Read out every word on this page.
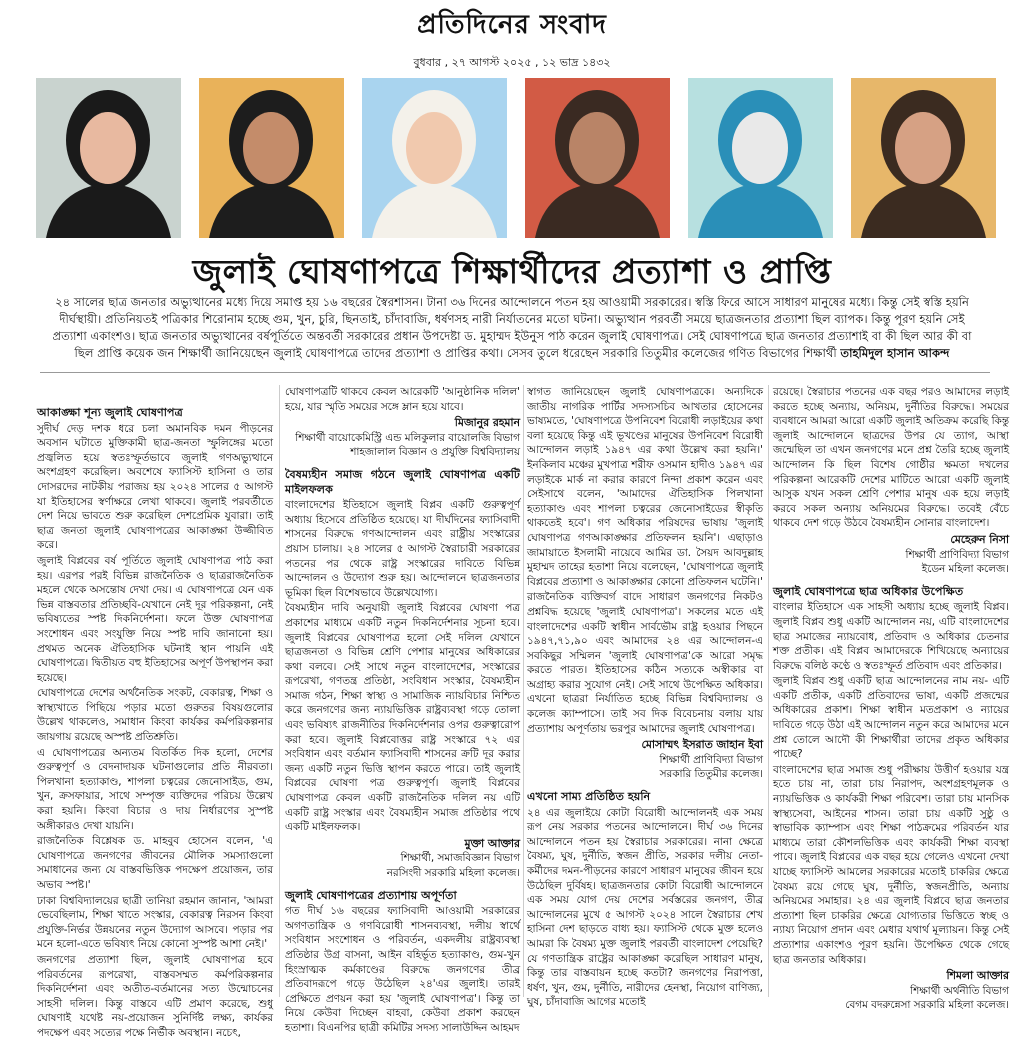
প্রতিদিনের সংবাদ
বুধবার , ২৭ আগস্ট ২০২৫ , ১২ ভাদ্র ১৪৩২
জুলাই ঘোষণাপত্রে শিক্ষার্থীদের প্রত্যাশা ও প্রাপ্তি
২৪ সালের ছাত্র জনতার অভ্যুত্থানের মধ্যে দিয়ে সমাপ্ত হয় ১৬ বছরের স্বৈরশাসন। টানা ৩৬ দিনের আন্দোলনে পতন হয় আওয়ামী সরকারের। স্বস্তি ফিরে আসে সাধারণ মানুষের মধ্যে। কিন্তু সেই স্বস্তি হয়নি দীর্ঘস্থায়ী। প্রতিনিয়তই পত্রিকার শিরোনাম হচ্ছে গুম, খুন, চুরি, ছিনতাই, চাঁদাবাজি, ধর্ষণসহ নারী নির্যাতনের মতো ঘটনা। অভ্যুত্থান পরবর্তী সময়ে ছাত্রজনতার প্রত্যাশা ছিল ব্যাপক। কিন্তু পূরণ হয়নি সেই প্রত্যাশা একাংশও। ছাত্র জনতার অভ্যুত্থানের বর্ষপূর্তিতে অন্তবর্তী সরকারের প্রধান উপদেষ্টা ড. মুহাম্মদ ইউনুস পাঠ করেন জুলাই ঘোষণাপত্র। সেই ঘোষণাপত্রে ছাত্র জনতার প্রত্যাশাই বা কী ছিল আর কী বা ছিল প্রাপ্তি কয়েক জন শিক্ষার্থী জানিয়েছেন জুলাই ঘোষণাপত্রে তাদের প্রত্যাশা ও প্রাপ্তির কথা। সেসব তুলে ধরেছেন সরকারি তিতুমীর কলেজের গণিত বিভাগের শিক্ষার্থী তাহমিদুল হাসান আকন্দ
আকাঙ্ক্ষা শূন্য জুলাই ঘোষণাপত্র

সুদীর্ঘ দেড় দশক ধরে চলা অমানবিক দমন পীড়নের অবসান ঘটাতে মুক্তিকামী ছাত্র-জনতা স্ফুলিঙ্গের মতো প্রজ্বলিত হয়ে স্বতঃস্ফূর্তভাবে জুলাই গণঅভ্যুত্থানে অংশগ্রহণ করেছিল। অবশেষে ফ্যাসিস্ট হাসিনা ও তার দোসরদের নাটকীয় পরাজয় হয় ২০২৪ সালের ৫ আগস্ট যা ইতিহাসের স্বর্ণাক্ষরে লেখা থাকবে। জুলাই পরবর্তীতে দেশ নিয়ে ভাবতে শুরু করেছিল দেশপ্রেমিক যুবারা। তাই ছাত্র জনতা জুলাই ঘোষণাপত্রের আকাঙ্ক্ষা উজ্জীবিত করে।

জুলাই বিপ্লবের বর্ষ পূর্তিতে জুলাই ঘোষণাপত্র পাঠ করা হয়। এরপর পরই বিভিন্ন রাজনৈতিক ও ছাত্ররাজনৈতিক মহলে থেকে অসন্তোষ দেখা দেয়। এ ঘোষণাপত্রে যেন এক ভিন্ন বাস্তবতার প্রতিচ্ছবি-যেখানে নেই দূর পরিকল্পনা, নেই ভবিষ্যতের স্পষ্ট দিকনির্দেশনা। ফলে উক্ত ঘোষণাপত্র সংশোধন এবং সংযুক্তি নিয়ে স্পষ্ট দাবি জানানো হয়। প্রথমত অনেক ঐতিহাসিক ঘটনাই স্থান পায়নি এই ঘোষণাপত্রে। দ্বিতীয়ত বহু ইতিহাসের অপূর্ণ উপস্থাপন করা হয়েছে।

ঘোষণাপত্রে দেশের অর্থনৈতিক সংকট, বেকারত্ব, শিক্ষা ও স্বাস্থ্যখাতে পিছিয়ে পড়ার মতো গুরুতর বিষয়গুলোর উল্লেখ থাকলেও, সমাধান কিংবা কার্যকর কর্মপরিকল্পনার জায়গায় রয়েছে অস্পষ্ট প্রতিশ্রুতি।

এ ঘোষণাপত্রের অন্যতম বিতর্কিত দিক হলো, দেশের গুরুত্বপূর্ণ ও বেদনাদায়ক ঘটনাগুলোর প্রতি নীরবতা। পিলখানা হত্যাকাণ্ড, শাপলা চত্বরের জেনোসাইড, গুম, খুন, ক্রসফায়ার, সাথে সম্পৃক্ত ব্যক্তিদের পরিচয় উল্লেখ করা হয়নি। কিংবা বিচার ও দায় নির্ধারণের সুস্পষ্ট অঙ্গীকারও দেখা যায়নি।

রাজনৈতিক বিশ্লেষক ড. মাহবুব হোসেন বলেন, 'এ ঘোষণাপত্রে জনগণের জীবনের মৌলিক সমস্যাগুলো সমাধানের জন্য যে বাস্তবভিত্তিক পদক্ষেপ প্রয়োজন, তার অভাব স্পষ্ট।'

ঢাকা বিশ্ববিদ্যালয়ের ছাত্রী তানিয়া রহমান জানান, 'আমরা ভেবেছিলাম, শিক্ষা খাতে সংস্কার, বেকারত্ব নিরসন কিংবা প্রযুক্তি-নির্ভর উন্নয়নের নতুন উদ্যোগ আসবে। পড়ার পর মনে হলো-এতে ভবিষ্যৎ নিয়ে কোনো সুস্পষ্ট আশা নেই।'

জনগণের প্রত্যাশা ছিল, জুলাই ঘোষণাপত্র হবে পরিবর্তনের রূপরেখা, বাস্তবসম্মত কর্মপরিকল্পনার দিকনির্দেশনা এবং অতীত-বর্তমানের সত্য উন্মোচনের সাহসী দলিল। কিন্তু বাস্তবে এটি প্রমাণ করেছে, শুধু ঘোষণাই যথেষ্ট নয়-প্রয়োজন সুনির্দিষ্ট লক্ষ্য, কার্যকর পদক্ষেপ এবং সত্যের পক্ষে নির্ভীক অবস্থান। নচেৎ,

ঘোষণাপত্রটি থাকবে কেবল আরেকটি 'আনুষ্ঠানিক দলিল' হয়ে, যার স্মৃতি সময়ের সঙ্গে ম্লান হয়ে যাবে।

মিজানুর রহমান
শিক্ষার্থী বায়োকেমিস্ট্রি এন্ড মলিকুলার বায়োলজি বিভাগ
শাহজালাল বিজ্ঞান ও প্রযুক্তি বিশ্ববিদ্যালয়
বৈষম্যহীন সমাজ গঠনে জুলাই ঘোষণাপত্র একটি মাইলফলক

বাংলাদেশের ইতিহাসে জুলাই বিপ্লব একটি গুরুত্বপূর্ণ অধ্যায় হিসেবে প্রতিষ্ঠিত হয়েছে। যা দীর্ঘদিনের ফ্যাসিবাদী শাসনের বিরুদ্ধে গণআন্দোলন এবং রাষ্ট্রীয় সংস্কারের প্রয়াস চালায়। ২৪ সালের ৫ আগস্ট স্বৈরাচারী সরকারের পতনের পর থেকে রাষ্ট্র সংস্কারের দাবিতে বিভিন্ন আন্দোলন ও উদ্যোগ শুরু হয়। আন্দোলনে ছাত্রজনতার ভূমিকা ছিল বিশেষভাবে উল্লেখযোগ্য।

বৈষম্যহীন দাবি অনুযায়ী জুলাই বিপ্লবের ঘোষণা পত্র প্রকাশের মাধ্যমে একটি নতুন দিকনির্দেশনার সূচনা হবে। জুলাই বিপ্লবের ঘোষণাপত্র হলো সেই দলিল যেখানে ছাত্রজনতা ও বিভিন্ন শ্রেণি পেশার মানুষের অধিকারের কথা বলবে। সেই সাথে নতুন বাংলাদেশের, সংস্কারের রূপরেখা, গণতন্ত্র প্রতিষ্ঠা, সংবিধান সংস্কার, বৈষম্যহীন সমাজ গঠন, শিক্ষা স্বাস্থ্য ও সামাজিক ন্যায়বিচার নিশ্চিত করে জনগণের জন্য ন্যায়ভিত্তিক রাষ্ট্রব্যবস্থা গড়ে তোলা এবং ভবিষ্যৎ রাজনীতির দিকনির্দেশনার ওপর গুরুত্বারোপ করা হবে। জুলাই বিপ্লবোত্তর রাষ্ট্র সংস্কারে ৭২ এর সংবিধান এবং বর্তমান ফ্যাসিবাদী শাসনের ক্রটি দূর করার জন্য একটি নতুন ভিত্তি স্থাপন করতে পারে। তাই জুলাই বিপ্লবের ঘোষণা পত্র গুরুত্বপূর্ণ। জুলাই বিপ্লবের ঘোষণাপত্র কেবল একটি রাজনৈতিক দলিল নয় এটি একটি রাষ্ট্র সংস্কার এবং বৈষম্যহীন সমাজ প্রতিষ্ঠার পথে একটি মাইলফলক।

মুক্তা আক্তার
শিক্ষার্থী, সমাজবিজ্ঞান বিভাগ
নরসিংদী সরকারি মহিলা কলেজ।
জুলাই ঘোষণাপত্রের প্রত্যাশায় অপূর্ণতা

গত দীর্ঘ ১৬ বছরের ফ্যাসিবাদী আওয়ামী সরকারের অগণতান্ত্রিক ও গণবিরোধী শাসনব্যবস্থা, দলীয় স্বার্থে সংবিধান সংশোধন ও পরিবর্তন, একদলীয় রাষ্ট্রব্যবস্থা প্রতিষ্ঠার উগ্র বাসনা, আইন বহির্ভূত হত্যাকাণ্ড, গুম-খুন হিংস্রাত্মক কর্মকাণ্ডের বিরুদ্ধে জনগণের তীব্র প্রতিবাদরূপে গড়ে উঠেছিল ২৪'এর জুলাই। তারই প্রেক্ষিতে প্রণয়ন করা হয় 'জুলাই ঘোষণাপত্র'। কিন্তু তা নিয়ে কেউবা দিচ্ছেন বাহবা, কেউবা প্রকাশ করছেন হতাশা। বিএনপির ছাত্রী কমিটির সদস্য সালাউদ্দিন আহমদ

স্বাগত জানিয়েছেন জুলাই ঘোষণাপত্রকে। অন্যদিকে জাতীয় নাগরিক পার্টির সদস্যসচিব আখতার হোসেনের ভাষ্যমতে, 'ঘোষণাপত্রে উপনিবেশ বিরোধী লড়াইয়ের কথা বলা হয়েছে কিন্তু এই ভূখণ্ডের মানুষের উপনিবেশ বিরোধী আন্দোলন লড়াই ১৯৪৭ এর কথা উল্লেখ করা হয়নি।' ইনকিলাব মঞ্চের মুখপাত্র শরীফ ওসমান হাদীও ১৯৪৭ এর লড়াইকে মার্ক না করার কারণে নিন্দা প্রকাশ করেন এবং সেইসাথে বলেন, 'আমাদের ঐতিহাসিক পিলখানা হত্যাকাণ্ড এবং শাপলা চত্বরের জেনোসাইডের স্বীকৃতি থাকতেই হবে'। গণ অধিকার পরিষদের ভাষায় 'জুলাই ঘোষণাপত্র গণআকাঙ্ক্ষার প্রতিফলন হয়নি'। এছাড়াও জামায়াতে ইসলামী নায়েবে আমির ডা. সৈয়দ আবদুল্লাহ মুহাম্মদ তাহের হতাশা নিয়ে বলেছেন, 'ঘোষণাপত্রে জুলাই বিপ্লবের প্রত্যাশা ও আকাঙ্ক্ষার কোনো প্রতিফলন ঘটেনি।'

রাজনৈতিক ব্যক্তিবর্গ বাদে সাধারণ জনগণের নিকটও প্রশ্নবিদ্ধ হয়েছে 'জুলাই ঘোষণাপত্র'। সকলের মতে এই বাংলাদেশের একটি স্বাধীন সার্বভৌম রাষ্ট্র হওয়ার পিছনে ১৯৪৭,৭১,৯০ এবং আমাদের ২৪ এর আন্দোলন-এ সবকিছুর সম্মিলন 'জুলাই ঘোষণাপত্র'কে আরো সমৃদ্ধ করতে পারত। ইতিহাসের কঠিন সত্যকে অস্বীকার বা অগ্রাহ্য করার সুযোগ নেই। সেই সাথে উপেক্ষিত অধিকার। এখনো ছাত্ররা নির্যাতিত হচ্ছে বিভিন্ন বিশ্ববিদ্যালয় ও কলেজ ক্যাম্পাসে। তাই সব দিক বিবেচনায় বলায় যায় প্রত্যাশায় অপূর্ণতায় ভরপুর আমাদের জুলাই ঘোষণাপত্র।

মোসাম্মৎ ইসরাত জাহান ইবা
শিক্ষার্থী প্রাণিবিদ্যা বিভাগ
সরকারি তিতুমীর কলেজ।
এখনো সাম্য প্রতিষ্ঠিত হয়নি

২৪ এর জুলাইয়ে কোটা বিরোধী আন্দোলনই এক সময় রূপ নেয় সরকার পতনের আন্দোলনে। দীর্ঘ ৩৬ দিনের আন্দোলনে পতন হয় স্বৈরাচার সরকারের। নানা ক্ষেত্রে বৈষম্য, ঘুষ, দুর্নীতি, স্বজন প্রীতি, সরকার দলীয় নেতা-কর্মীদের দমন-পীড়নের কারণে সাধারণ মানুষের জীবন হয়ে উঠেছিল দুর্বিষহ। ছাত্রজনতার কোটা বিরোধী আন্দোলনে এক সময় যোগ দেয় দেশের সর্বস্তরের জনগণ, তীব্র আন্দোলনের মুখে ৫ আগস্ট ২০২৪ সালে স্বৈরাচার শেখ হাসিনা দেশ ছাড়তে বাধ্য হয়। ফ্যাসিস্ট থেকে মুক্ত হলেও আমরা কি বৈষম্য মুক্ত জুলাই পরবর্তী বাংলাদেশ পেয়েছি? যে গণতান্ত্রিক রাষ্ট্রের আকাঙ্ক্ষা করেছিল সাধারণ মানুষ, কিন্তু তার বাস্তবায়ন হচ্ছে কতটা? জনগণের নিরাপত্তা, ধর্ষণ, খুন, গুম, দুর্নীতি, নারীদের হেনস্থা, নিয়োগ বাণিজ্য, ঘুষ, চাঁদাবাজি আগের মতোই

রয়েছে। স্বৈরাচার পতনের এক বছর পরও আমাদের লড়াই করতে হচ্ছে অন্যায়, অনিয়ম, দুর্নীতির বিরুদ্ধে। সময়ের ব্যবধানে আমরা আরো একটি জুলাই অতিক্রম করেছি কিন্তু জুলাই আন্দোলনে ছাত্রদের উপর যে ত্যাগ, আস্থা জন্মেছিল তা এখন জনগণের মনে প্রশ্ন তৈরি হচ্ছে জুলাই আন্দোলন কি ছিল বিশেষ গোষ্ঠীর ক্ষমতা দখলের পরিকল্পনা আরেকটি দেশের মাটিতে আরো একটি জুলাই আসুক যখন সকল শ্রেণি পেশার মানুষ এক হয়ে লড়াই করবে সকল অন্যায় অনিয়মের বিরুদ্ধে। তবেই বেঁচে থাকবে দেশ গড়ে উঠবে বৈষম্যহীন সোনার বাংলাদেশ।

মেহেরুন নিসা
শিক্ষার্থী প্রাণিবিদ্যা বিভাগ
ইডেন মহিলা কলেজ।
জুলাই ঘোষণাপত্রে ছাত্র অধিকার উপেক্ষিত

বাংলার ইতিহাসে এক সাহসী অধ্যায় হচ্ছে জুলাই বিপ্লব। জুলাই বিপ্লব শুধু একটি আন্দোলন নয়, এটি বাংলাদেশের ছাত্র সমাজের ন্যায়বোধ, প্রতিবাদ ও অধিকার চেতনার শক্ত প্রতীক। এই বিপ্লব আমাদেরকে শিখিয়েছে অন্যায়ের বিরুদ্ধে বলিষ্ঠ কণ্ঠে ও স্বতঃস্ফূর্ত প্রতিবাদ এবং প্রতিকার।

জুলাই বিপ্লব শুধু একটি ছাত্র আন্দোলনের নাম নয়- এটি একটি প্রতীক, একটি প্রতিবাদের ভাষা, একটি প্রজন্মের অধিকারের প্রকাশ। শিক্ষা স্বাধীন মতপ্রকাশ ও ন্যায়ের দাবিতে গড়ে উঠা এই আন্দোলন নতুন করে আমাদের মনে প্রশ্ন তোলে আদৌ কী শিক্ষার্থীরা তাদের প্রকৃত অধিকার পাচ্ছে?

বাংলাদেশের ছাত্র সমাজ শুধু পরীক্ষায় উত্তীর্ণ হওয়ার যন্ত্র হতে চায় না, তারা চায় নিরাপদ, অংশগ্রহণমূলক ও ন্যায়ভিত্তিক ও কার্যকরী শিক্ষা পরিবেশ। তারা চায় মানসিক স্বাস্থ্যসেবা, আইনের শাসন। তারা চায় একটি সুষ্ঠু ও স্বাভাবিক ক্যাম্পাস এবং শিক্ষা পাঠক্রমের পরিবর্তন যার মাধ্যমে তারা কৌশলভিত্তিক এবং কার্যকরী শিক্ষা ব্যবস্থা পাবে। জুলাই বিপ্লবের এক বছর হয়ে গেলেও এখনো দেখা যাচ্ছে ফ্যাসিস্ট আমলের সরকারের মতোই চাকরির ক্ষেত্রে বৈষম্য রয়ে গেছে ঘুষ, দুর্নীতি, স্বজনপ্রীতি, অন্যায় অনিয়মের সমাহার। ২৪ এর জুলাই বিপ্লবে ছাত্র জনতার প্রত্যাশা ছিল চাকরির ক্ষেত্রে যোগ্যতার ভিত্তিতে স্বচ্ছ ও ন্যায্য নিয়োগ প্রদান এবং মেধার যথার্থ মূল্যায়ন। কিন্তু সেই প্রত্যাশার একাংশও পূরণ হয়নি। উপেক্ষিত থেকে গেছে ছাত্র জনতার অধিকার।

শিমলা আক্তার
শিক্ষার্থী অর্থনীতি বিভাগ
বেগম বদরুন্নেসা সরকারি মহিলা কলেজ।
